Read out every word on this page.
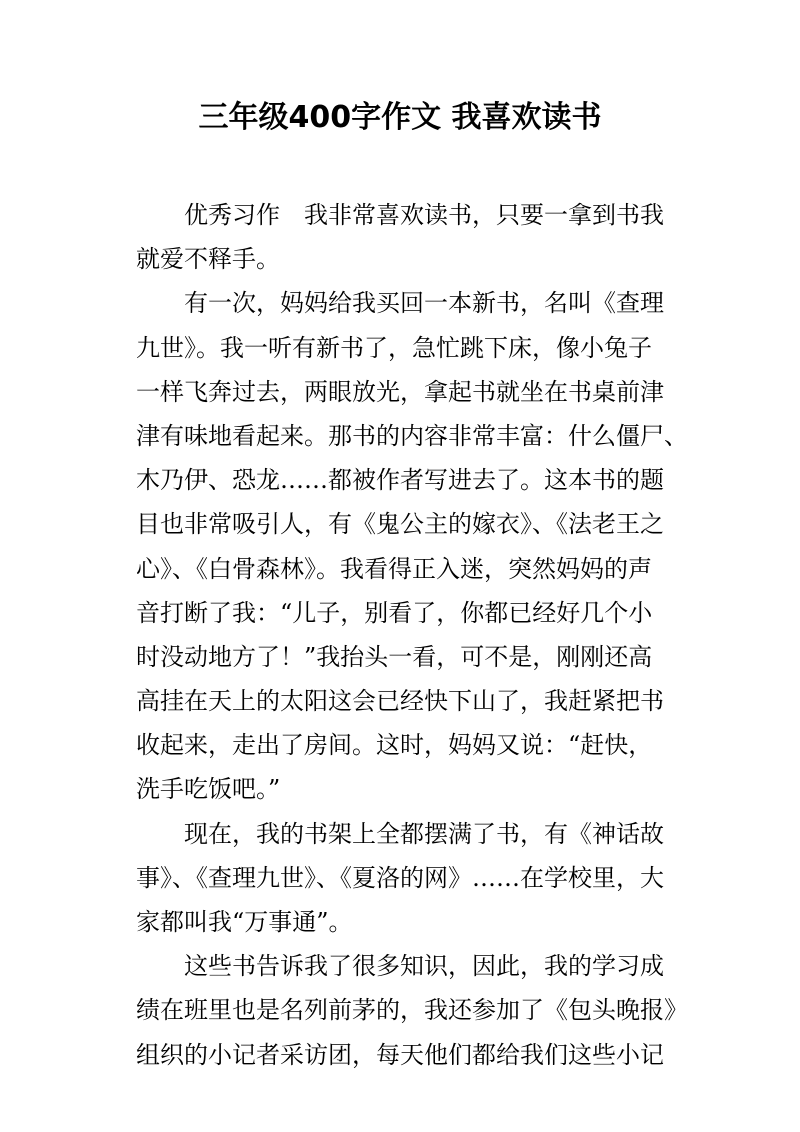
三年级400字作文 我喜欢读书
优秀习作　我非常喜欢读书，只要一拿到书我
就爱不释手。
有一次，妈妈给我买回一本新书，名叫《查理
九世》。我一听有新书了，急忙跳下床，像小兔子
一样飞奔过去，两眼放光，拿起书就坐在书桌前津
津有味地看起来。那书的内容非常丰富：什么僵尸、
木乃伊、恐龙……都被作者写进去了。这本书的题
目也非常吸引人，有《鬼公主的嫁衣》、《法老王之
心》、《白骨森林》。我看得正入迷，突然妈妈的声
音打断了我：“儿子，别看了，你都已经好几个小
时没动地方了！”我抬头一看，可不是，刚刚还高
高挂在天上的太阳这会已经快下山了，我赶紧把书
收起来，走出了房间。这时，妈妈又说：“赶快，
洗手吃饭吧。”
现在，我的书架上全都摆满了书，有《神话故
事》、《查理九世》、《夏洛的网》……在学校里，大
家都叫我“万事通”。
这些书告诉我了很多知识，因此，我的学习成
绩在班里也是名列前茅的，我还参加了《包头晚报》
组织的小记者采访团，每天他们都给我们这些小记
